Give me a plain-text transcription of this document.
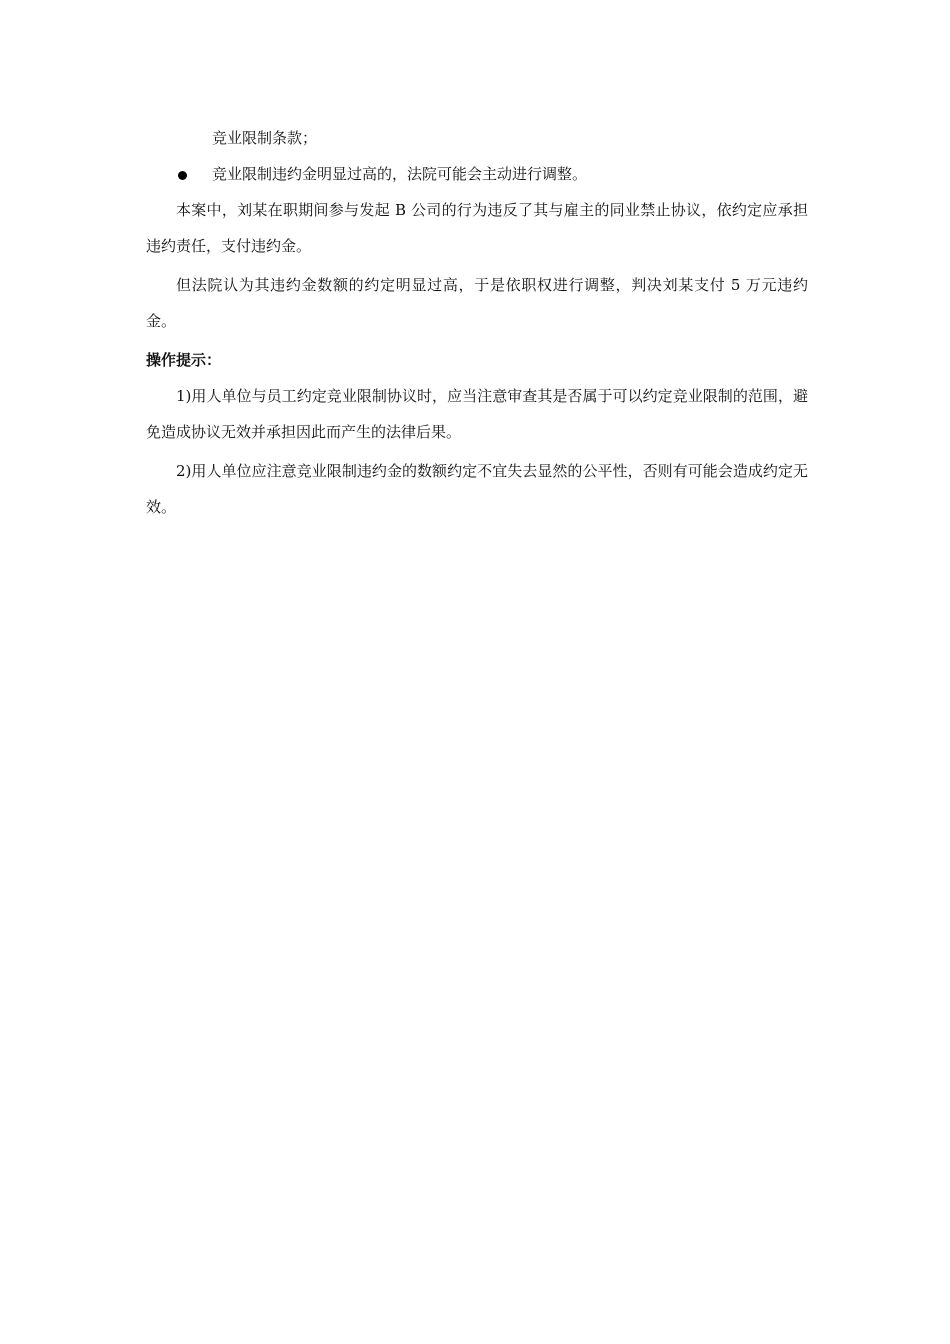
竞业限制条款；

竞业限制违约金明显过高的，法院可能会主动进行调整。

本案中，刘某在职期间参与发起 B 公司的行为违反了其与雇主的同业禁止协议，依约定应承担违约责任，支付违约金。

但法院认为其违约金数额的约定明显过高，于是依职权进行调整，判决刘某支付 5 万元违约金。

操作提示：

1)用人单位与员工约定竞业限制协议时，应当注意审查其是否属于可以约定竞业限制的范围，避免造成协议无效并承担因此而产生的法律后果。

2)用人单位应注意竞业限制违约金的数额约定不宜失去显然的公平性，否则有可能会造成约定无效。
